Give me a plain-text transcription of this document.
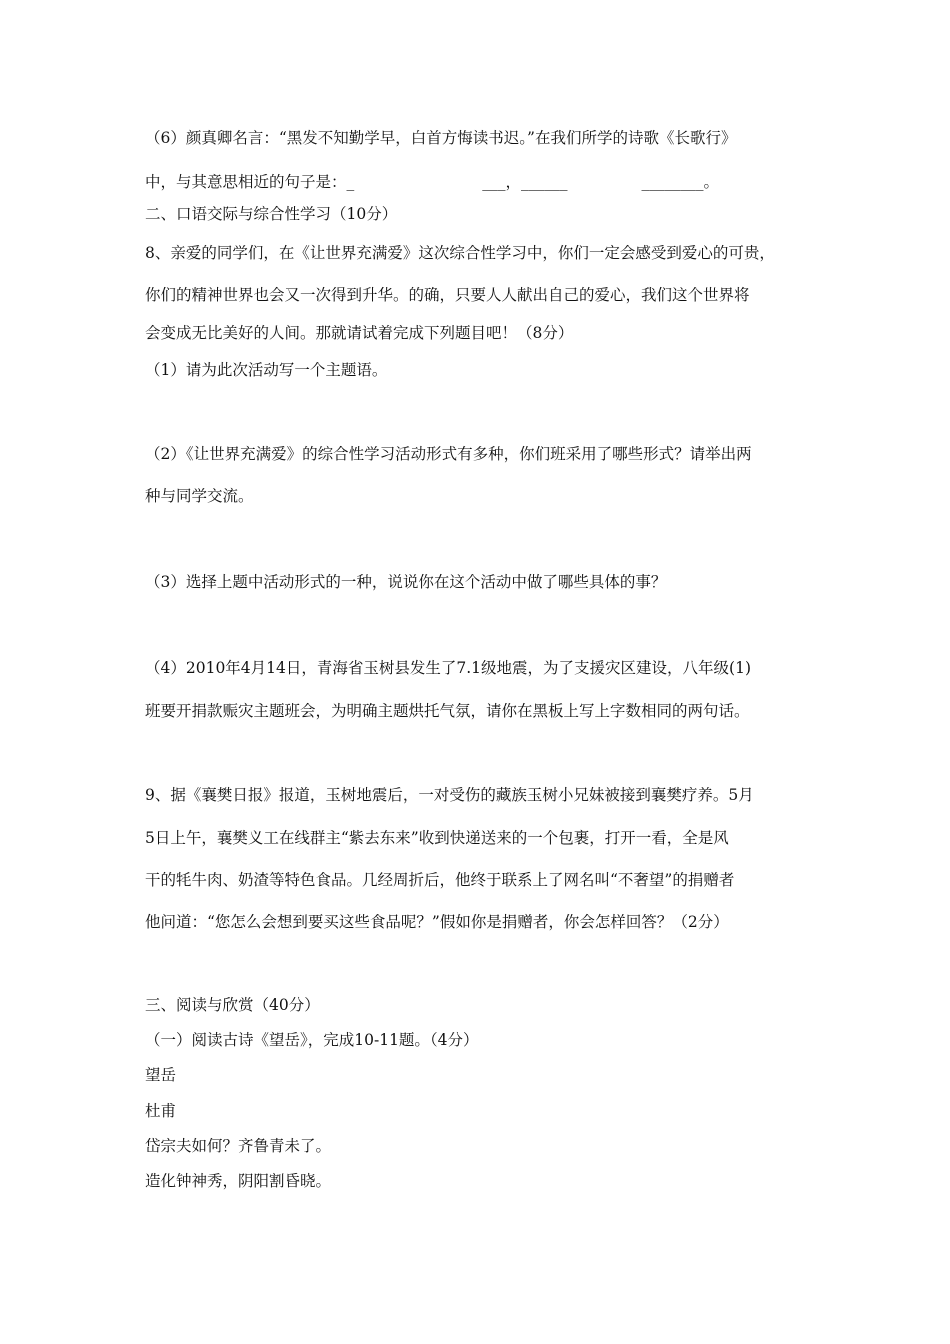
（6）颜真卿名言：“黑发不知勤学早，白首方悔读书迟。”在我们所学的诗歌《长歌行》
中，与其意思相近的句子是：_	___，______	________。
二、口语交际与综合性学习（10分）
8、亲爱的同学们，在《让世界充满爱》这次综合性学习中，你们一定会感受到爱心的可贵，
你们的精神世界也会又一次得到升华。的确，只要人人献出自己的爱心，我们这个世界将
会变成无比美好的人间。那就请试着完成下列题目吧！（8分）
（1）请为此次活动写一个主题语。
（2）《让世界充满爱》的综合性学习活动形式有多种，你们班采用了哪些形式？请举出两
种与同学交流。
（3）选择上题中活动形式的一种，说说你在这个活动中做了哪些具体的事？
（4）2010年4月14日，青海省玉树县发生了7.1级地震，为了支援灾区建设，八年级(1)
班要开捐款赈灾主题班会，为明确主题烘托气氛，请你在黑板上写上字数相同的两句话。
9、据《襄樊日报》报道，玉树地震后，一对受伤的藏族玉树小兄妹被接到襄樊疗养。5月
5日上午，襄樊义工在线群主“紫去东来”收到快递送来的一个包裹，打开一看，全是风
干的牦牛肉、奶渣等特色食品。几经周折后，他终于联系上了网名叫“不奢望”的捐赠者
他问道：“您怎么会想到要买这些食品呢？”假如你是捐赠者，你会怎样回答？（2分）
三、阅读与欣赏（40分）
（一）阅读古诗《望岳》，完成10-11题。（4分）
望岳
杜甫
岱宗夫如何？齐鲁青未了。
造化钟神秀，阴阳割昏晓。
